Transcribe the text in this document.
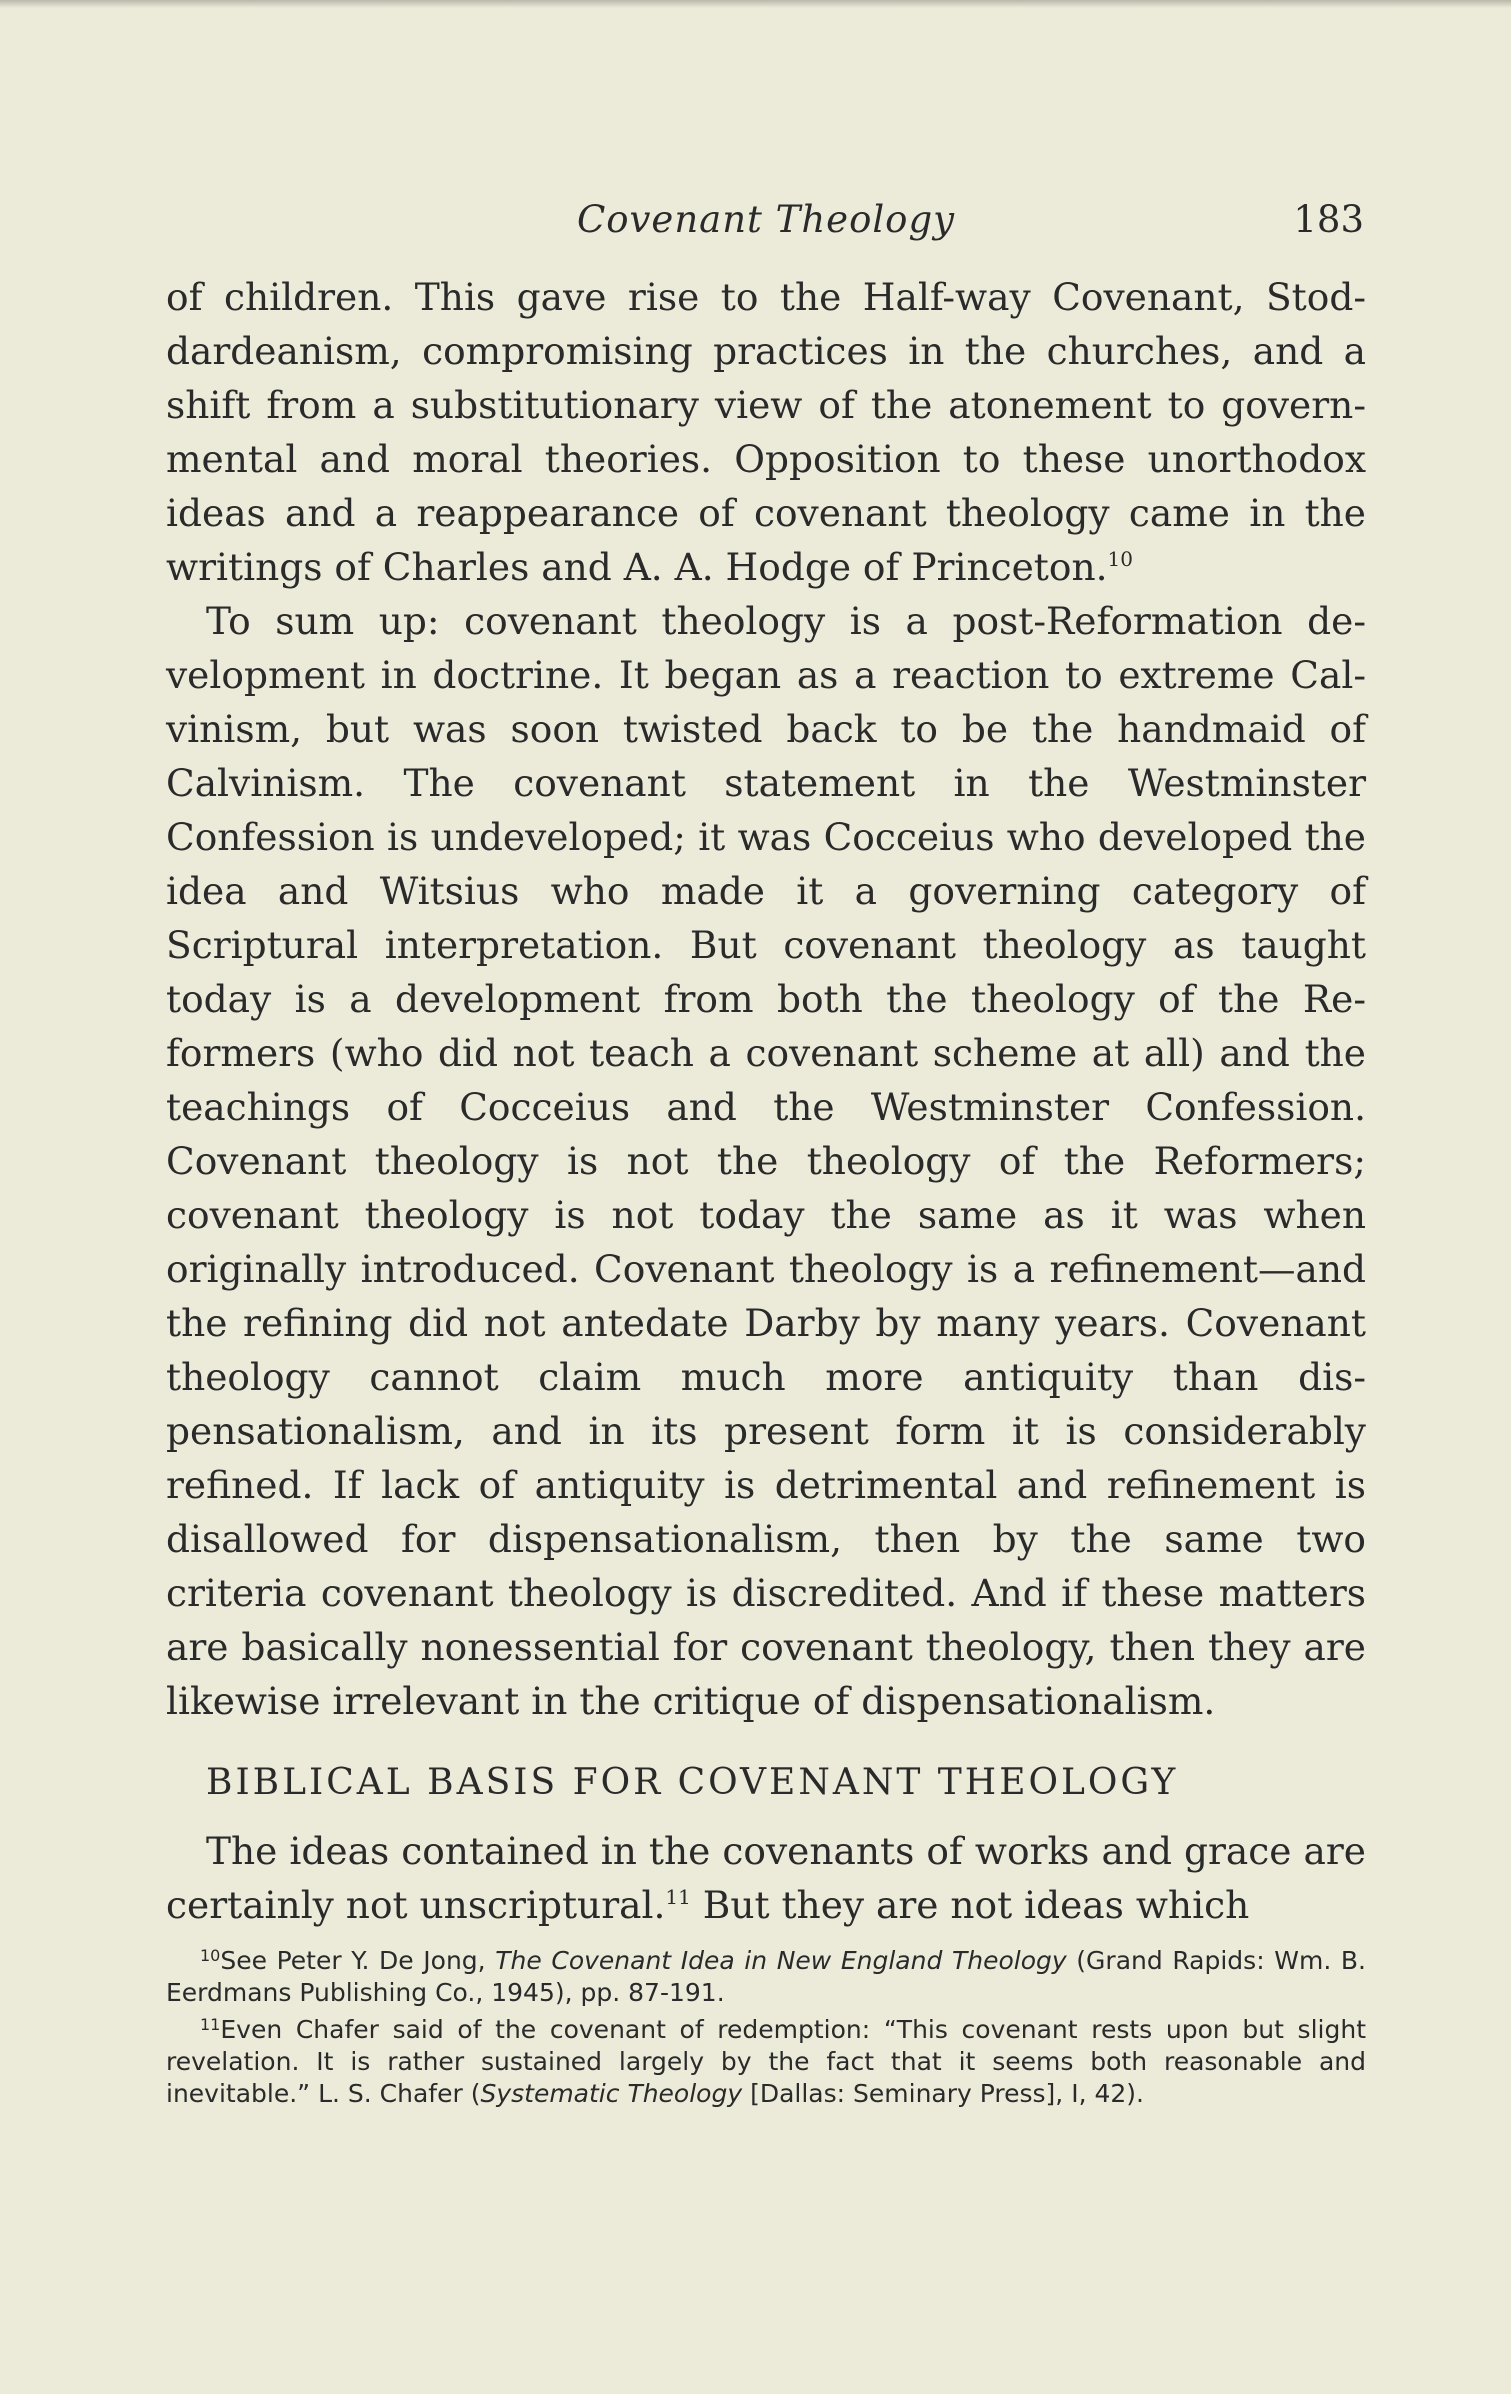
Covenant Theology	183

of children. This gave rise to the Half-way Covenant, Stoddardeanism, compromising practices in the churches, and a shift from a substitutionary view of the atonement to governmental and moral theories. Opposition to these unorthodox ideas and a reappearance of covenant theology came in the writings of Charles and A. A. Hodge of Princeton.$^{10}$

To sum up: covenant theology is a post-Reformation development in doctrine. It began as a reaction to extreme Calvinism, but was soon twisted back to be the handmaid of Calvinism. The covenant statement in the Westminster Confession is undeveloped; it was Cocceius who developed the idea and Witsius who made it a governing category of Scriptural interpretation. But covenant theology as taught today is a development from both the theology of the Reformers (who did not teach a covenant scheme at all) and the teachings of Cocceius and the Westminster Confession. Covenant theology is not the theology of the Reformers; covenant theology is not today the same as it was when originally introduced. Covenant theology is a refinement—and the refining did not antedate Darby by many years. Covenant theology cannot claim much more antiquity than dispensationalism, and in its present form it is considerably refined. If lack of antiquity is detrimental and refinement is disallowed for dispensationalism, then by the same two criteria covenant theology is discredited. And if these matters are basically nonessential for covenant theology, then they are likewise irrelevant in the critique of dispensationalism.

BIBLICAL BASIS FOR COVENANT THEOLOGY

The ideas contained in the covenants of works and grace are certainly not unscriptural.$^{11}$ But they are not ideas which

$^{10}$See Peter Y. De Jong, The Covenant Idea in New England Theology (Grand Rapids: Wm. B. Eerdmans Publishing Co., 1945), pp. 87-191.

$^{11}$Even Chafer said of the covenant of redemption: “This covenant rests upon but slight revelation. It is rather sustained largely by the fact that it seems both reasonable and inevitable.” L. S. Chafer (Systematic Theology [Dallas: Seminary Press], I, 42).
